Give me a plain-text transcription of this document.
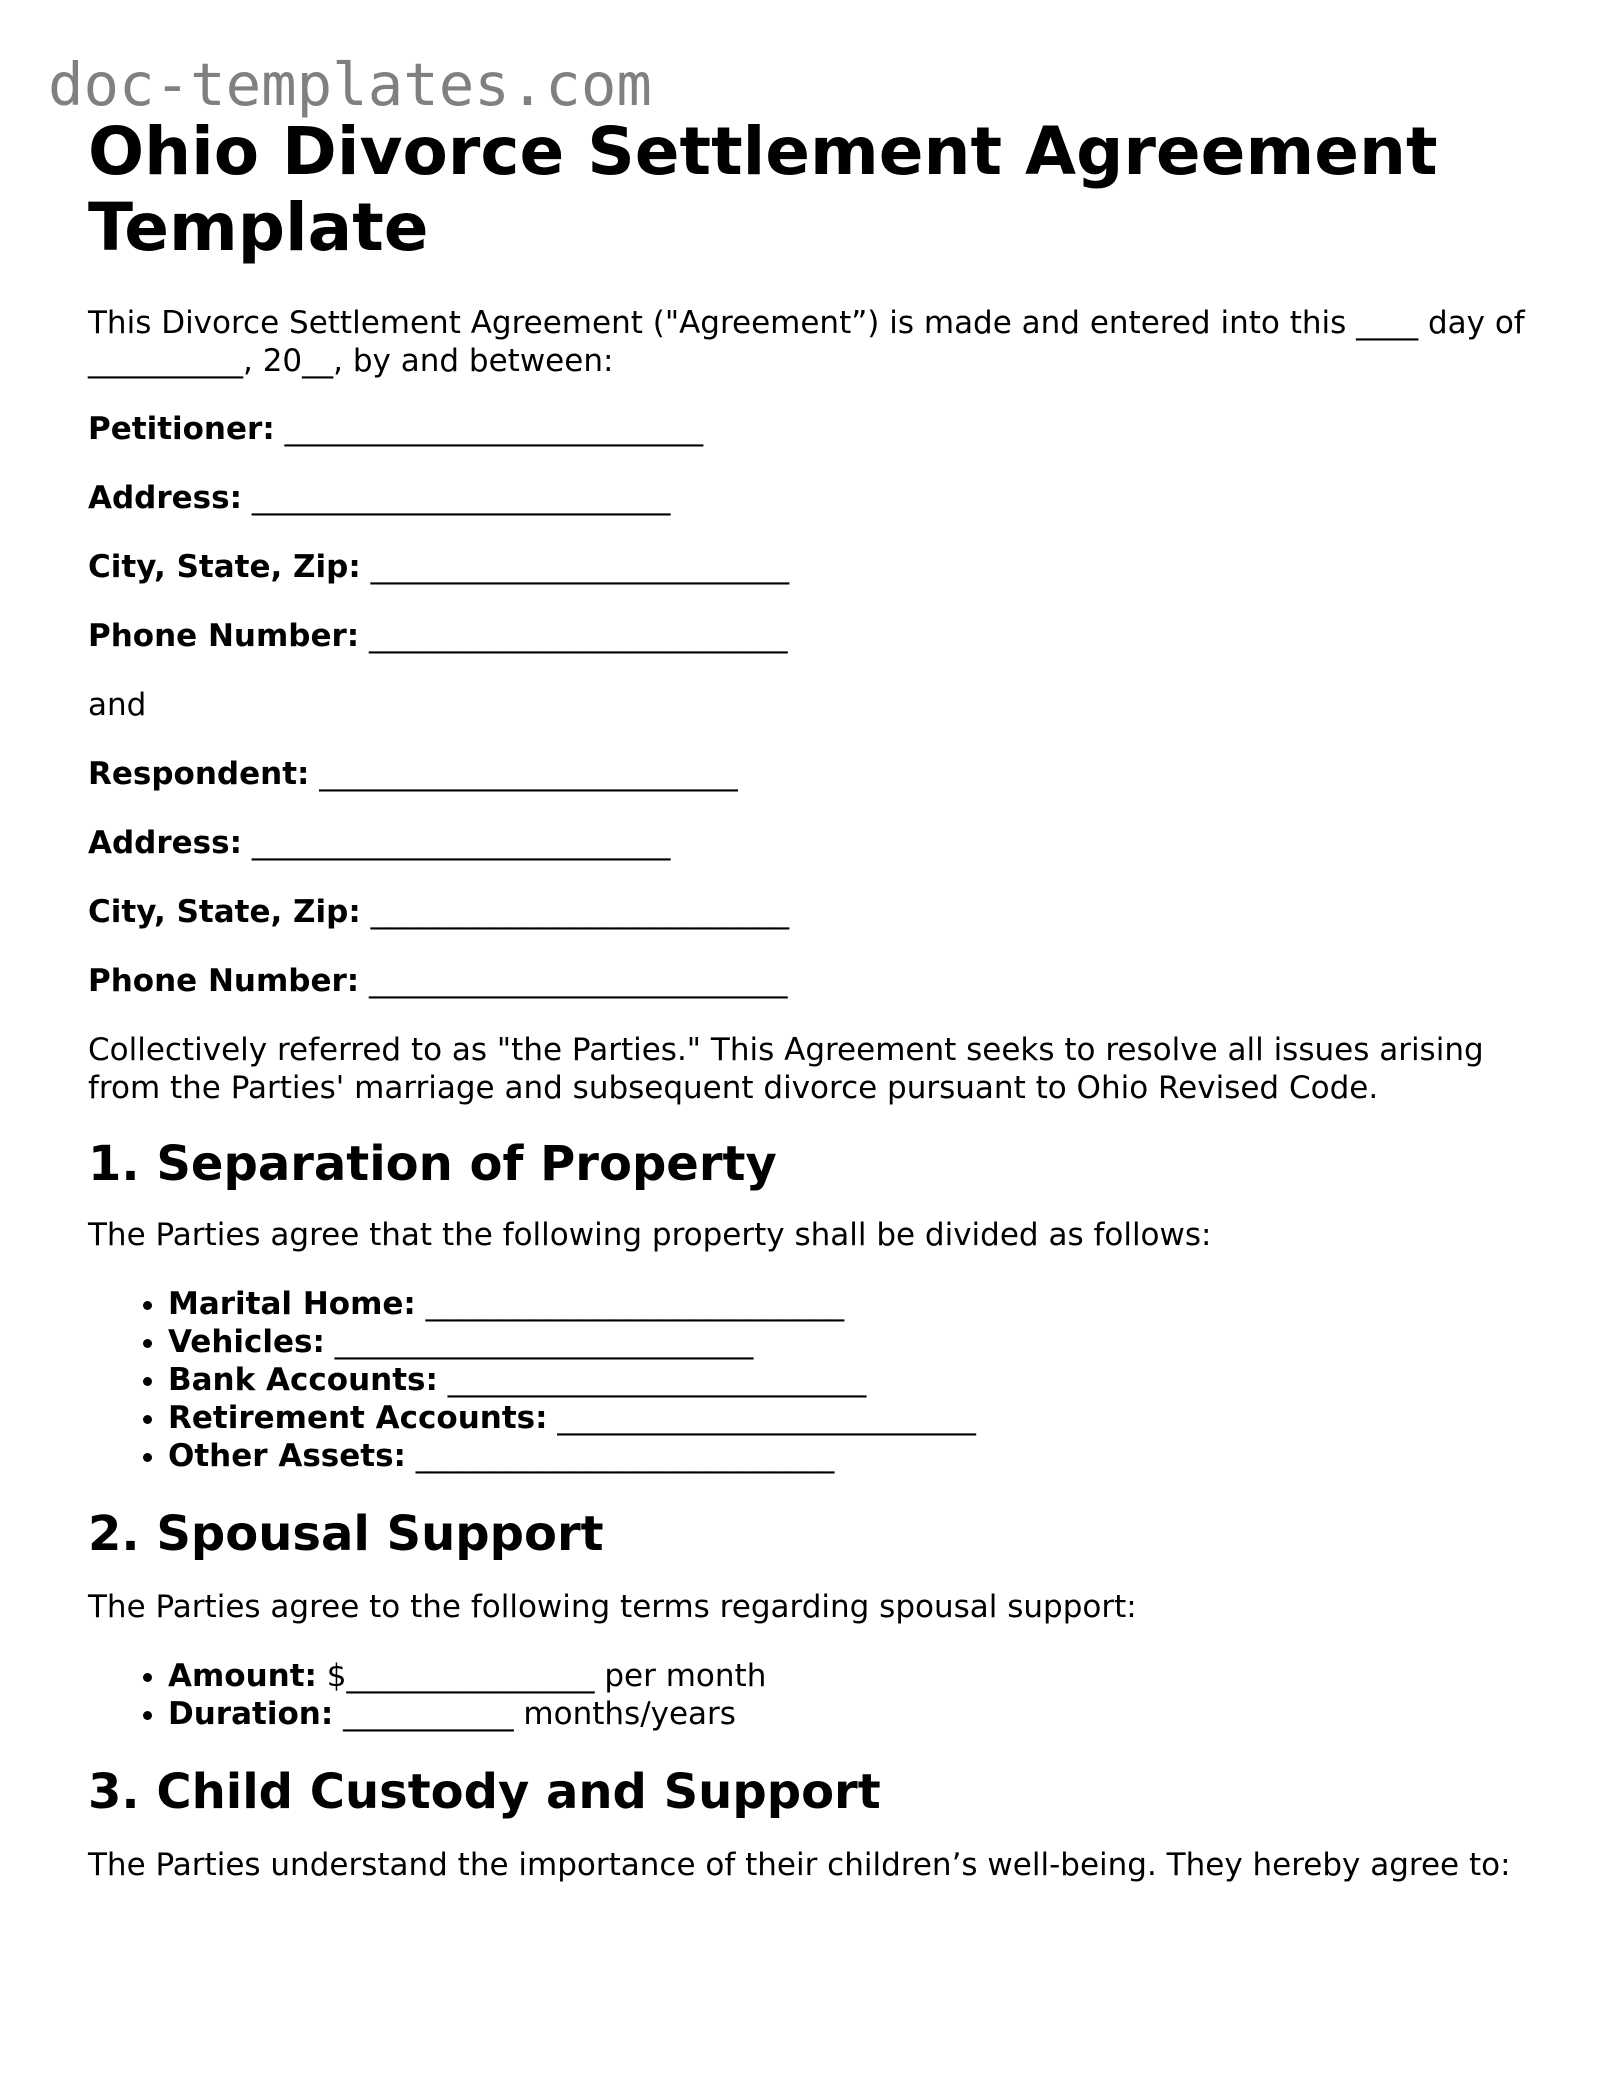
doc-templates.com
Ohio Divorce Settlement Agreement
Template

This Divorce Settlement Agreement ("Agreement”) is made and entered into this ____ day of __________, 20__, by and between:

Petitioner: ___________________________

Address: ___________________________

City, State, Zip: ___________________________

Phone Number: ___________________________

and

Respondent: ___________________________

Address: ___________________________

City, State, Zip: ___________________________

Phone Number: ___________________________

Collectively referred to as "the Parties." This Agreement seeks to resolve all issues arising from the Parties' marriage and subsequent divorce pursuant to Ohio Revised Code.

1. Separation of Property

The Parties agree that the following property shall be divided as follows:

• Marital Home: ___________________________
• Vehicles: ___________________________
• Bank Accounts: ___________________________
• Retirement Accounts: ___________________________
• Other Assets: ___________________________
2. Spousal Support

The Parties agree to the following terms regarding spousal support:

• Amount: $________________ per month
• Duration: ___________ months/years
3. Child Custody and Support

The Parties understand the importance of their children’s well-being. They hereby agree to:
